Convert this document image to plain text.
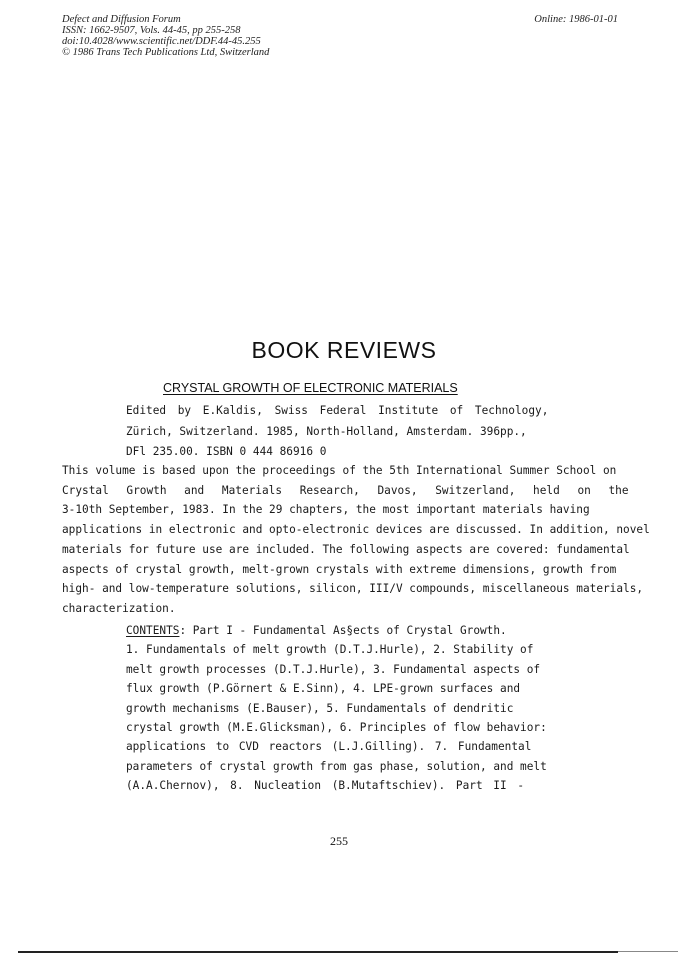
Defect and Diffusion Forum
ISSN: 1662-9507, Vols. 44-45, pp 255-258
doi:10.4028/www.scientific.net/DDF.44-45.255
© 1986 Trans Tech Publications Ltd, Switzerland
Online: 1986-01-01
BOOK REVIEWS
CRYSTAL GROWTH OF ELECTRONIC MATERIALS
Edited by E.Kaldis, Swiss Federal Institute of Technology,
Zürich, Switzerland. 1985, North-Holland, Amsterdam. 396pp.,
DFl 235.00. ISBN 0 444 86916 0
This volume is based upon the proceedings of the 5th International Summer School on
Crystal Growth and Materials Research, Davos, Switzerland, held on the
3-10th September, 1983. In the 29 chapters, the most important materials having
applications in electronic and opto-electronic devices are discussed. In addition, novel
materials for future use are included. The following aspects are covered: fundamental
aspects of crystal growth, melt-grown crystals with extreme dimensions, growth from
high- and low-temperature solutions, silicon, III/V compounds, miscellaneous materials,
characterization.
CONTENTS: Part I - Fundamental As§ects of Crystal Growth.
1. Fundamentals of melt growth (D.T.J.Hurle), 2. Stability of
melt growth processes (D.T.J.Hurle), 3. Fundamental aspects of
flux growth (P.Görnert & E.Sinn), 4. LPE-grown surfaces and
growth mechanisms (E.Bauser), 5. Fundamentals of dendritic
crystal growth (M.E.Glicksman), 6. Principles of flow behavior:
applications to CVD reactors (L.J.Gilling). 7. Fundamental
parameters of crystal growth from gas phase, solution, and melt
(A.A.Chernov), 8. Nucleation (B.Mutaftschiev). Part II -
255
